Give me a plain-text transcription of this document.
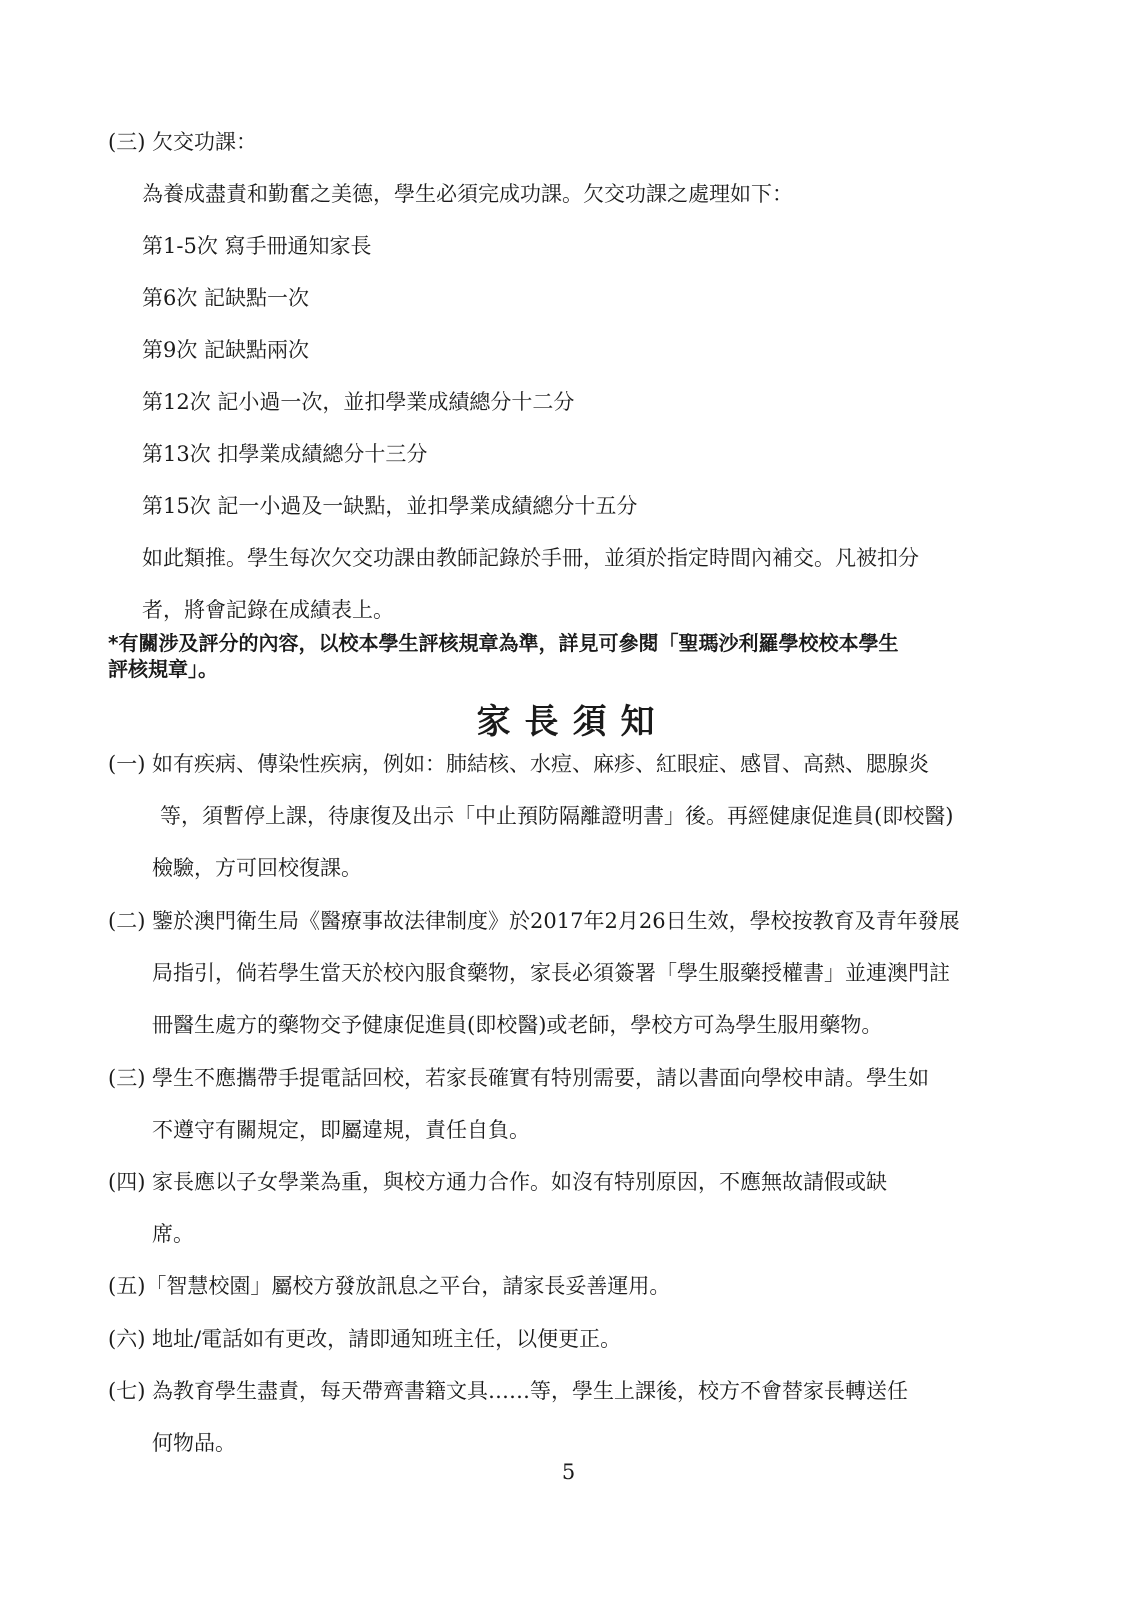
(三) 欠交功課：

為養成盡責和勤奮之美德，學生必須完成功課。欠交功課之處理如下：

第1-5次 寫手冊通知家長

第6次 記缺點一次

第9次 記缺點兩次

第12次 記小過一次，並扣學業成績總分十二分

第13次 扣學業成績總分十三分

第15次 記一小過及一缺點，並扣學業成績總分十五分

如此類推。學生每次欠交功課由教師記錄於手冊，並須於指定時間內補交。凡被扣分

者，將會記錄在成績表上。

*有關涉及評分的內容，以校本學生評核規章為準，詳見可參閱「聖瑪沙利羅學校校本學生

評核規章」。

家長須知

(一) 如有疾病、傳染性疾病，例如：肺結核、水痘、麻疹、紅眼症、感冒、高熱、腮腺炎

等，須暫停上課，待康復及出示「中止預防隔離證明書」後。再經健康促進員(即校醫)

檢驗，方可回校復課。

(二) 鑒於澳門衛生局《醫療事故法律制度》於2017年2月26日生效，學校按教育及青年發展

局指引，倘若學生當天於校內服食藥物，家長必須簽署「學生服藥授權書」並連澳門註

冊醫生處方的藥物交予健康促進員(即校醫)或老師，學校方可為學生服用藥物。

(三) 學生不應攜帶手提電話回校，若家長確實有特別需要，請以書面向學校申請。學生如

不遵守有關規定，即屬違規，責任自負。

(四) 家長應以子女學業為重，與校方通力合作。如沒有特別原因，不應無故請假或缺

席。

(五)「智慧校園」屬校方發放訊息之平台，請家長妥善運用。

(六) 地址/電話如有更改，請即通知班主任，以便更正。

(七) 為教育學生盡責，每天帶齊書籍文具……等，學生上課後，校方不會替家長轉送任

何物品。

5
